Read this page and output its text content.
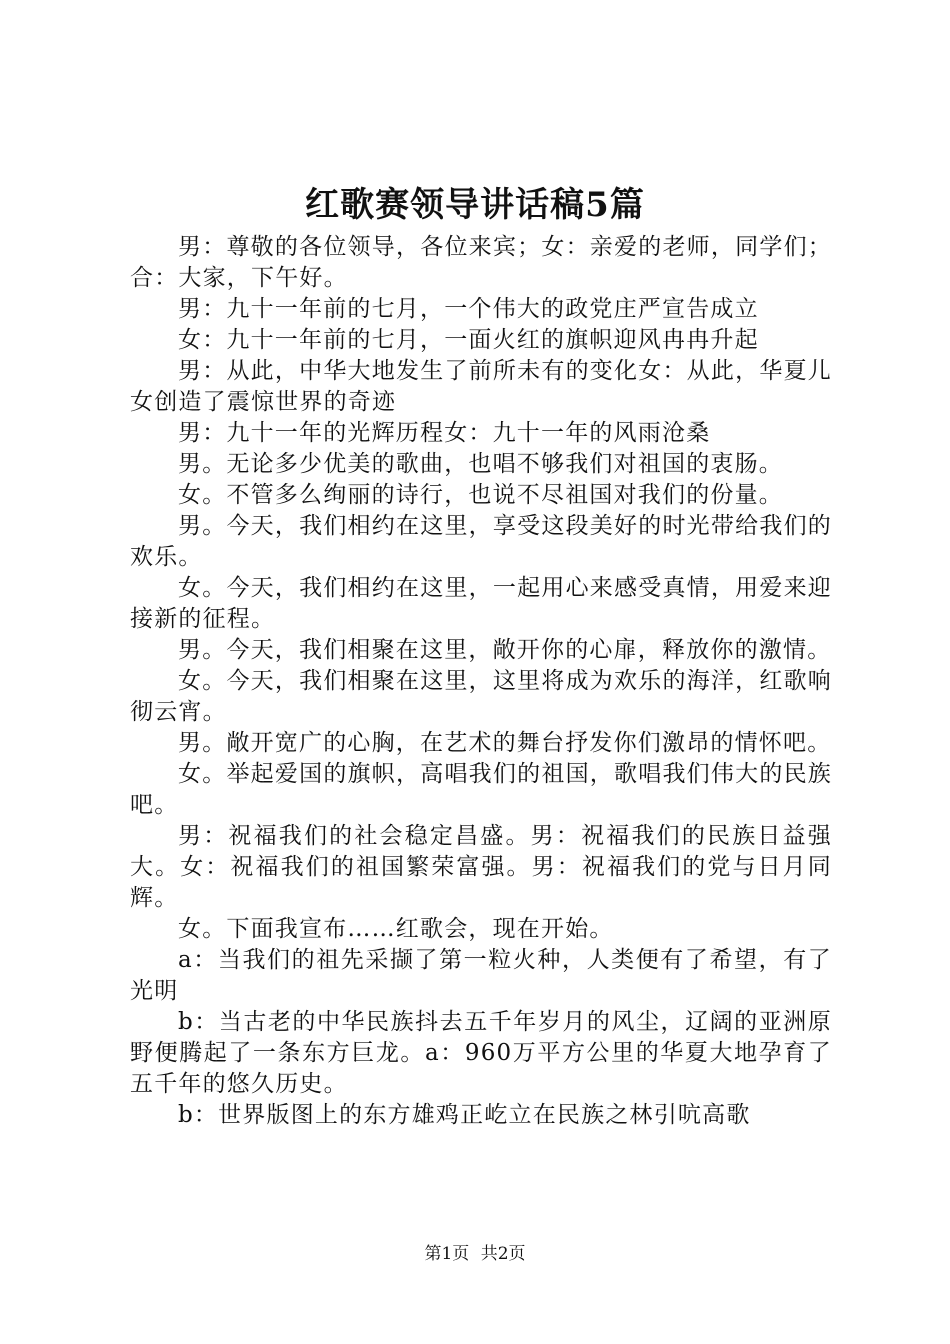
红歌赛领导讲话稿5篇

男：尊敬的各位领导，各位来宾；女：亲爱的老师，同学们；合：大家，下午好。

男：九十一年前的七月，一个伟大的政党庄严宣告成立

女：九十一年前的七月，一面火红的旗帜迎风冉冉升起

男：从此，中华大地发生了前所未有的变化女：从此，华夏儿女创造了震惊世界的奇迹

男：九十一年的光辉历程女：九十一年的风雨沧桑

男。无论多少优美的歌曲，也唱不够我们对祖国的衷肠。

女。不管多么绚丽的诗行，也说不尽祖国对我们的份量。

男。今天，我们相约在这里，享受这段美好的时光带给我们的欢乐。

女。今天，我们相约在这里，一起用心来感受真情，用爱来迎接新的征程。

男。今天，我们相聚在这里，敞开你的心扉，释放你的激情。

女。今天，我们相聚在这里，这里将成为欢乐的海洋，红歌响彻云宵。

男。敞开宽广的心胸，在艺术的舞台抒发你们激昂的情怀吧。

女。举起爱国的旗帜，高唱我们的祖国，歌唱我们伟大的民族吧。

男：祝福我们的社会稳定昌盛。男：祝福我们的民族日益强大。女：祝福我们的祖国繁荣富强。男：祝福我们的党与日月同辉。

女。下面我宣布……红歌会，现在开始。

a：当我们的祖先采撷了第一粒火种，人类便有了希望，有了光明

b：当古老的中华民族抖去五千年岁月的风尘，辽阔的亚洲原野便腾起了一条东方巨龙。a：960万平方公里的华夏大地孕育了五千年的悠久历史。

b：世界版图上的东方雄鸡正屹立在民族之林引吭高歌

第1页 共2页
